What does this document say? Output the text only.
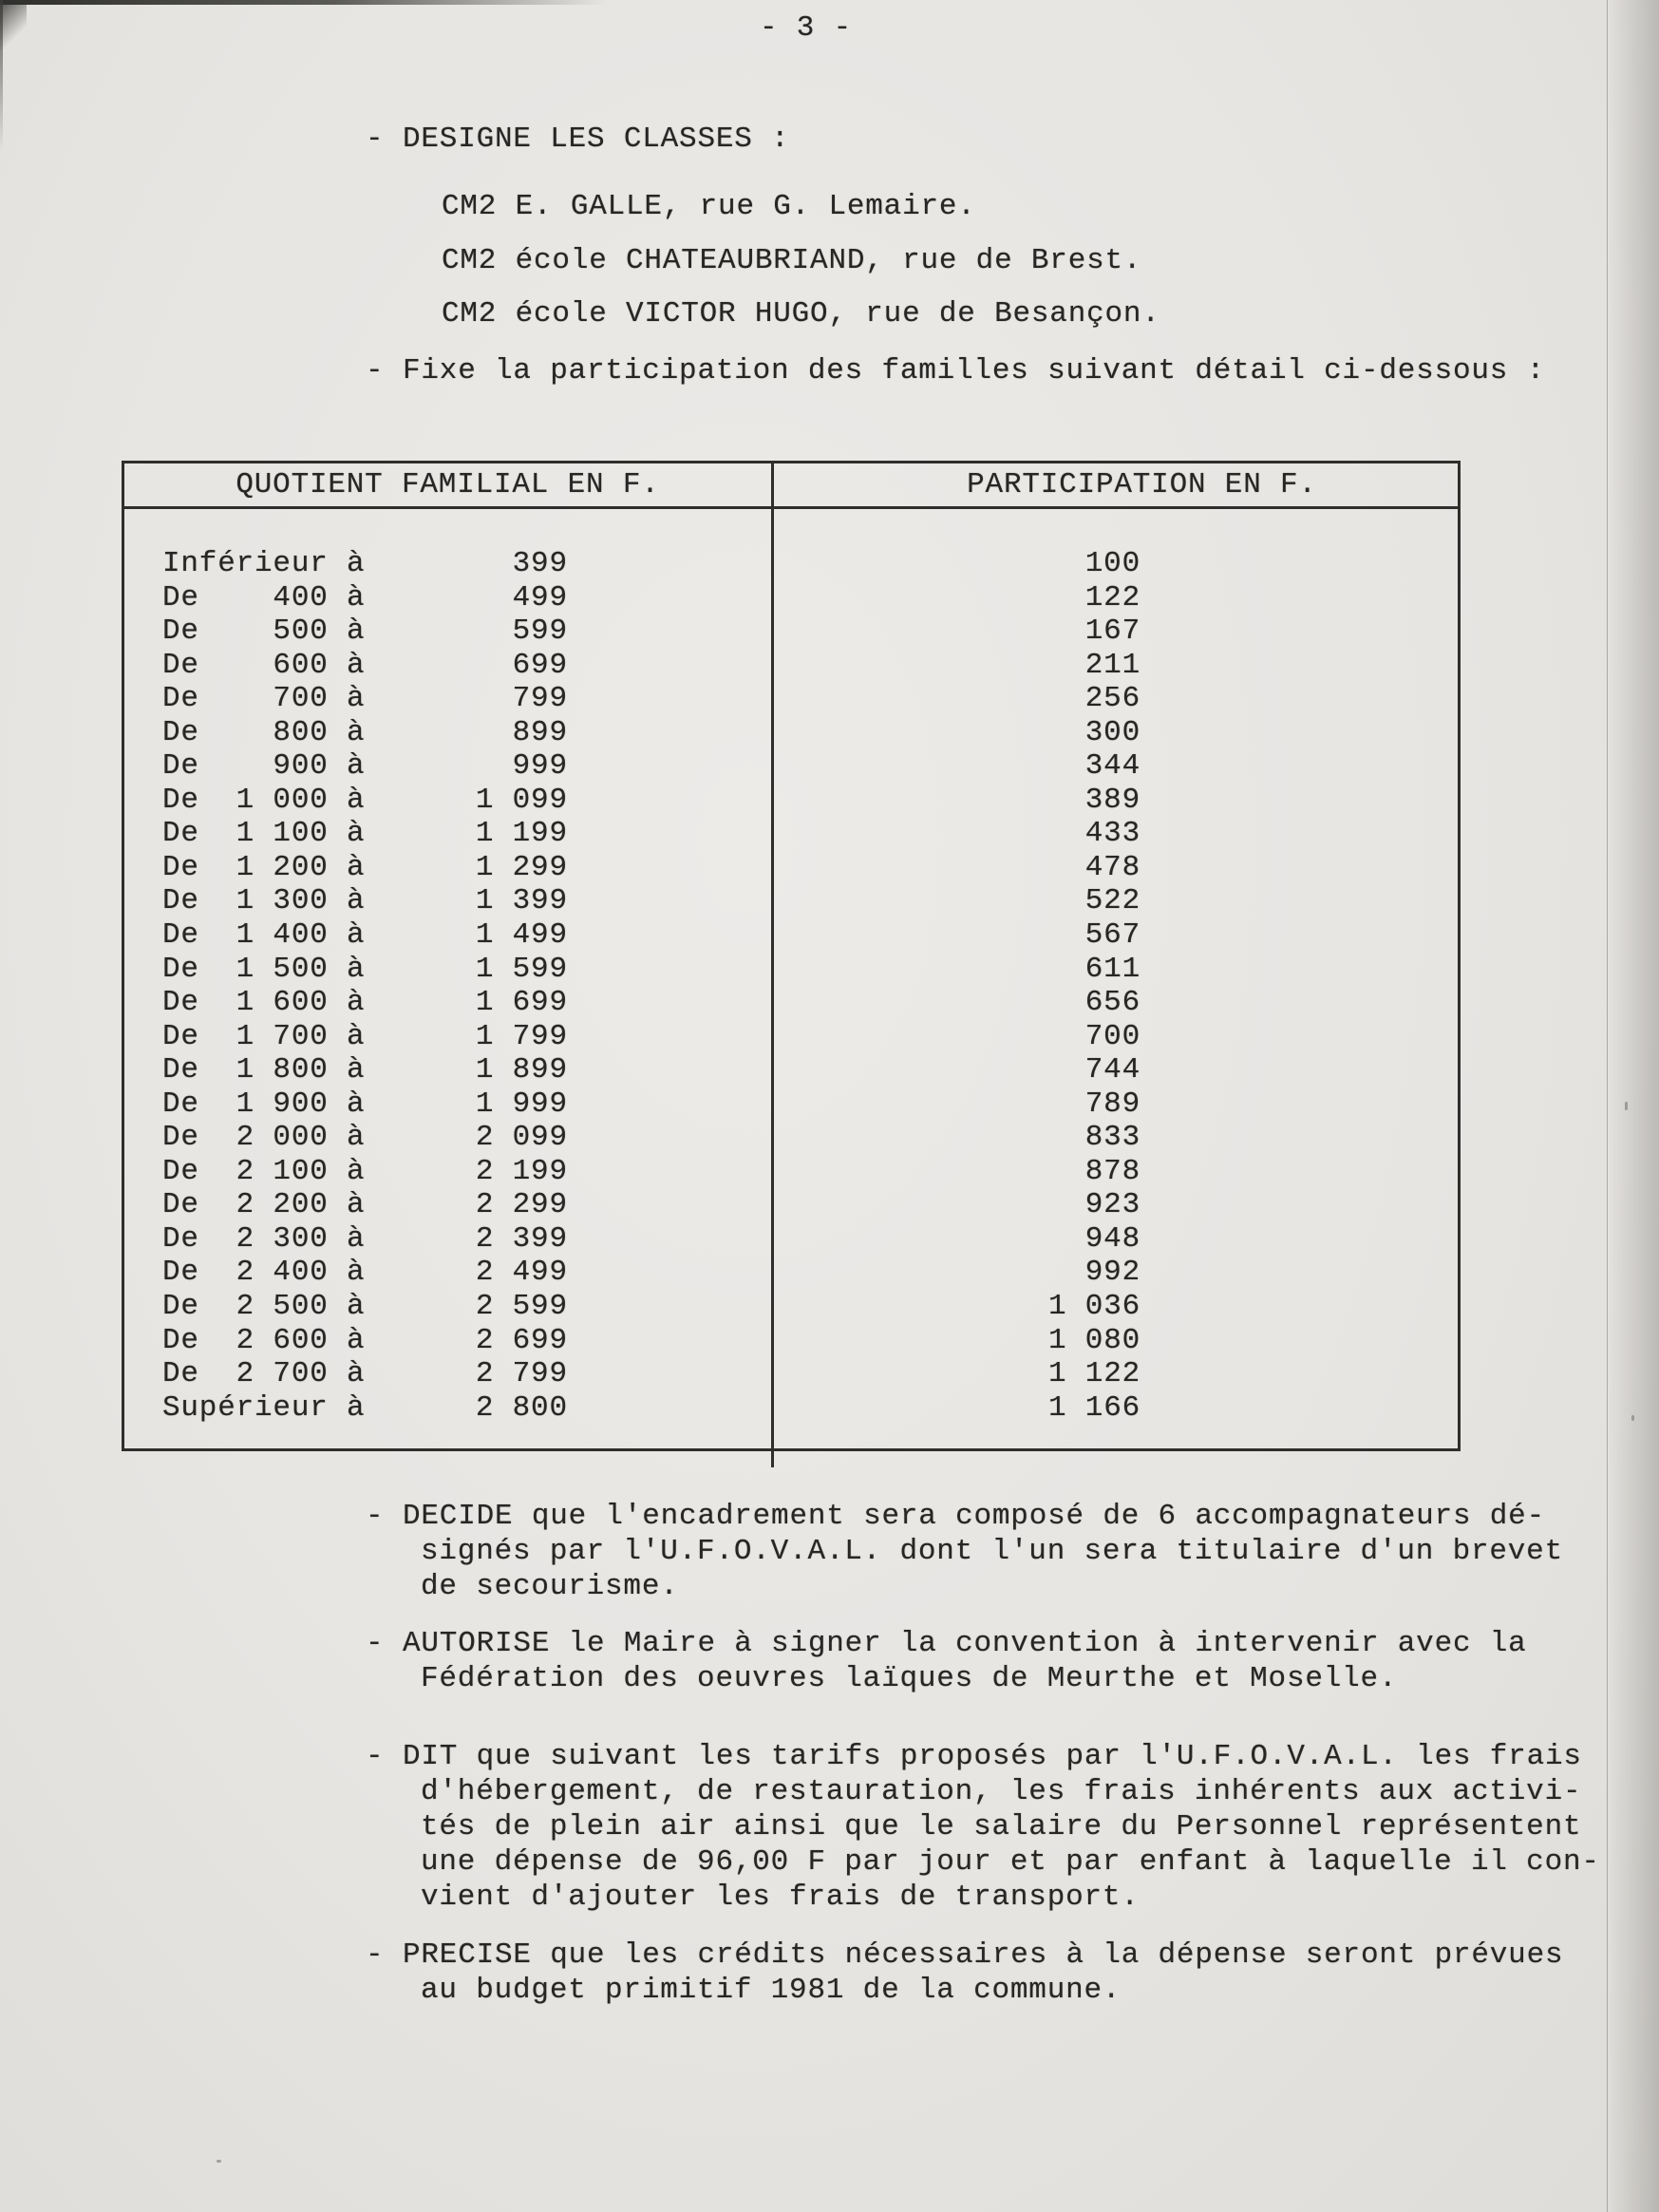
- 3 -
- DESIGNE LES CLASSES :
CM2 E. GALLE, rue G. Lemaire.
CM2 école CHATEAUBRIAND, rue de Brest.
CM2 école VICTOR HUGO, rue de Besançon.
- Fixe la participation des familles suivant détail ci-dessous :
QUOTIENT FAMILIAL EN F.	PARTICIPATION EN F.
Inférieur à        399	100
De    400 à        499	122
De    500 à        599	167
De    600 à        699	211
De    700 à        799	256
De    800 à        899	300
De    900 à        999	344
De  1 000 à      1 099	389
De  1 100 à      1 199	433
De  1 200 à      1 299	478
De  1 300 à      1 399	522
De  1 400 à      1 499	567
De  1 500 à      1 599	611
De  1 600 à      1 699	656
De  1 700 à      1 799	700
De  1 800 à      1 899	744
De  1 900 à      1 999	789
De  2 000 à      2 099	833
De  2 100 à      2 199	878
De  2 200 à      2 299	923
De  2 300 à      2 399	948
De  2 400 à      2 499	992
De  2 500 à      2 599	1 036
De  2 600 à      2 699	1 080
De  2 700 à      2 799	1 122
Supérieur à      2 800	1 166
- DECIDE que l'encadrement sera composé de 6 accompagnateurs dé-
signés par l'U.F.O.V.A.L. dont l'un sera titulaire d'un brevet
de secourisme.
- AUTORISE le Maire à signer la convention à intervenir avec la
Fédération des oeuvres laïques de Meurthe et Moselle.
- DIT que suivant les tarifs proposés par l'U.F.O.V.A.L. les frais
d'hébergement, de restauration, les frais inhérents aux activi-
tés de plein air ainsi que le salaire du Personnel représentent
une dépense de 96,00 F par jour et par enfant à laquelle il con-
vient d'ajouter les frais de transport.
- PRECISE que les crédits nécessaires à la dépense seront prévues
au budget primitif 1981 de la commune.
